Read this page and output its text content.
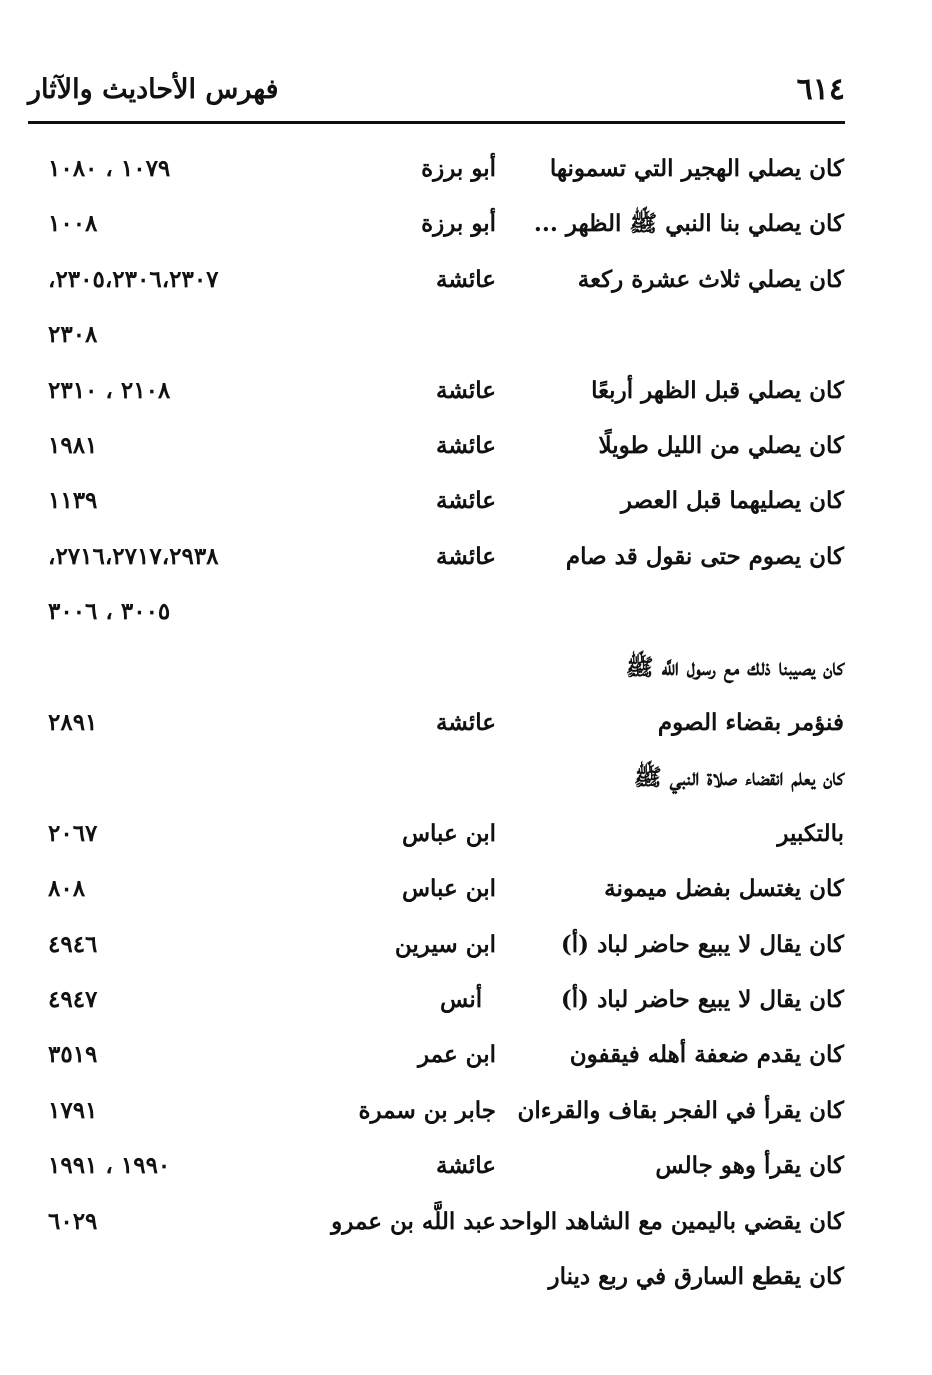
٦١٤
فهرس الأحاديث والآثار
كان يصلي الهجير التي تسمونها
أبو برزة
١٠٧٩ ، ١٠٨٠
كان يصلي بنا النبي ﷺ الظهر ...
أبو برزة
١٠٠٨
كان يصلي ثلاث عشرة ركعة
عائشة
٢٣٠٥،٢٣٠٦،٢٣٠٧،
٢٣٠٨
كان يصلي قبل الظهر أربعًا
عائشة
٢١٠٨ ، ٢٣١٠
كان يصلي من الليل طويلًا
عائشة
١٩٨١
كان يصليهما قبل العصر
عائشة
١١٣٩
كان يصوم حتى نقول قد صام
عائشة
٢٧١٦،٢٧١٧،٢٩٣٨،
٣٠٠٥ ، ٣٠٠٦
كان يصيبنا ذلك مع رسول اللَّه ﷺ
فنؤمر بقضاء الصوم
عائشة
٢٨٩١
كان يعلم انقضاء صلاة النبي ﷺ
بالتكبير
ابن عباس
٢٠٦٧
كان يغتسل بفضل ميمونة
ابن عباس
٨٠٨
كان يقال لا يبيع حاضر لباد (أ)
ابن سيرين
٤٩٤٦
كان يقال لا يبيع حاضر لباد (أ)
أنس
٤٩٤٧
كان يقدم ضعفة أهله فيقفون
ابن عمر
٣٥١٩
كان يقرأ في الفجر بقاف والقرءان
جابر بن سمرة
١٧٩١
كان يقرأ وهو جالس
عائشة
١٩٩٠ ، ١٩٩١
كان يقضي باليمين مع الشاهد الواحد
عبد اللَّه بن عمرو
٦٠٢٩
كان يقطع السارق في ربع دينار
